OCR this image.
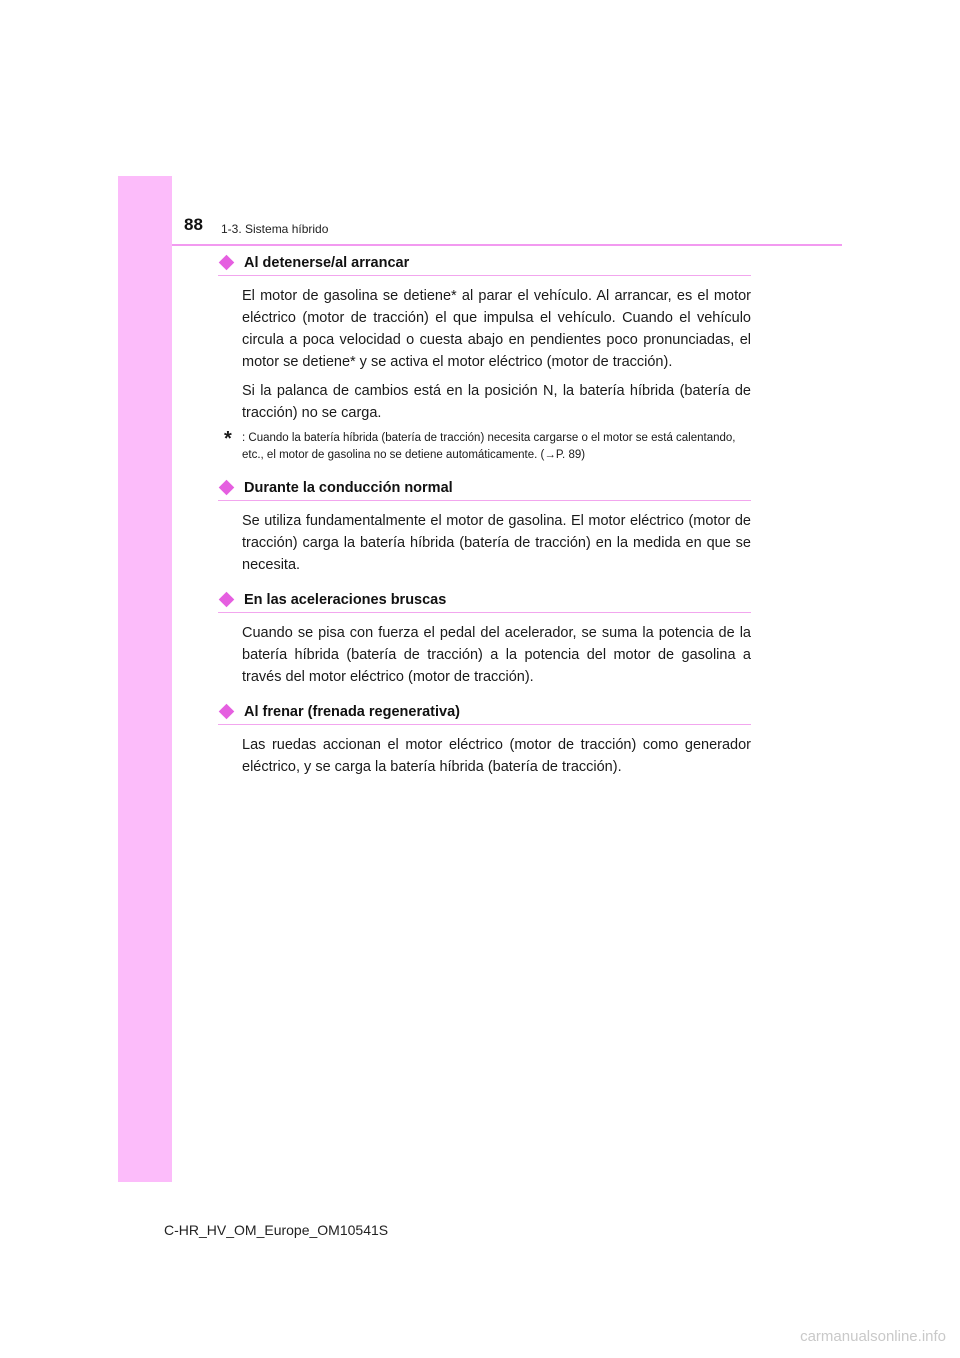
88 1-3. Sistema híbrido
Al detenerse/al arrancar

El motor de gasolina se detiene* al parar el vehículo. Al arrancar, es el motor eléctrico (motor de tracción) el que impulsa el vehículo. Cuando el vehículo circula a poca velocidad o cuesta abajo en pendientes poco pronunciadas, el motor se detiene* y se activa el motor eléctrico (motor de tracción).

Si la palanca de cambios está en la posición N, la batería híbrida (batería de tracción) no se carga.

* : Cuando la batería híbrida (batería de tracción) necesita cargarse o el motor se está calentando, etc., el motor de gasolina no se detiene automáticamente. (→P. 89)
Durante la conducción normal

Se utiliza fundamentalmente el motor de gasolina. El motor eléctrico (motor de tracción) carga la batería híbrida (batería de tracción) en la medida en que se necesita.

En las aceleraciones bruscas

Cuando se pisa con fuerza el pedal del acelerador, se suma la potencia de la batería híbrida (batería de tracción) a la potencia del motor de gasolina a través del motor eléctrico (motor de tracción).

Al frenar (frenada regenerativa)

Las ruedas accionan el motor eléctrico (motor de tracción) como generador eléctrico, y se carga la batería híbrida (batería de tracción).

C-HR_HV_OM_Europe_OM10541S
carmanualsonline.info
